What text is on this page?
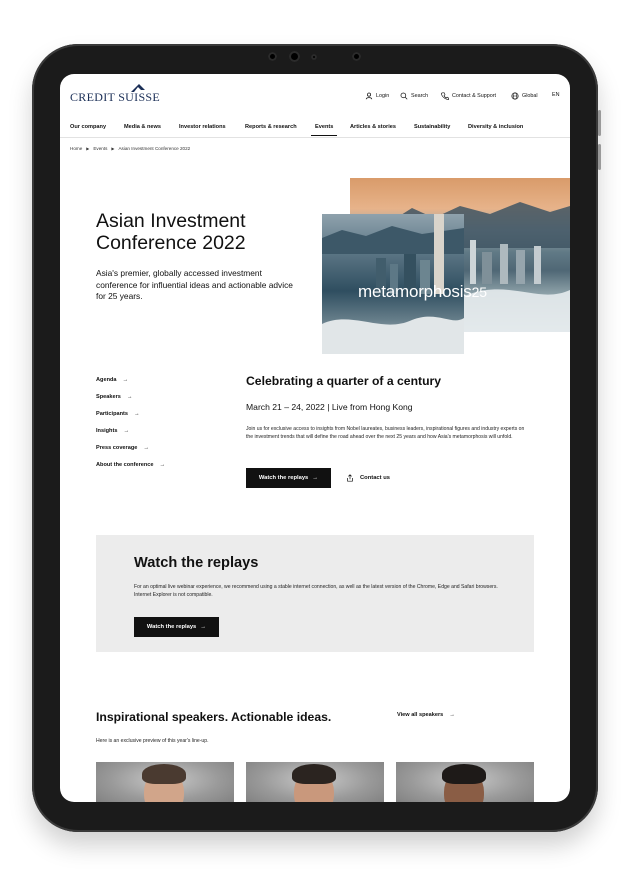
CREDIT SUISSE	Login	Search	Contact & Support	Global	EN
Our company	Media & news	Investor relations	Reports & research	Events	Articles & stories	Sustainability	Diversity & inclusion
Home ▶ Events ▶ Asian Investment Conference 2022
Asian Investment Conference 2022

Asia's premier, globally accessed investment conference for influential ideas and actionable advice for 25 years.	metamorphosis25
Agenda →
Speakers →
Participants →
Insights →
Press coverage →
About the conference →
Celebrating a quarter of a century

March 21 – 24, 2022 | Live from Hong Kong

Join us for exclusive access to insights from Nobel laureates, business leaders, inspirational figures and industry experts on the investment trends that will define the road ahead over the next 25 years and how Asia's metamorphosis will unfold.

Watch the replays →	Contact us
Watch the replays

For an optimal live webinar experience, we recommend using a stable internet connection, as well as the latest version of the Chrome, Edge and Safari browsers. Internet Explorer is not compatible.

Watch the replays →
Inspirational speakers. Actionable ideas.	View all speakers →

Here is an exclusive preview of this year's line-up.
